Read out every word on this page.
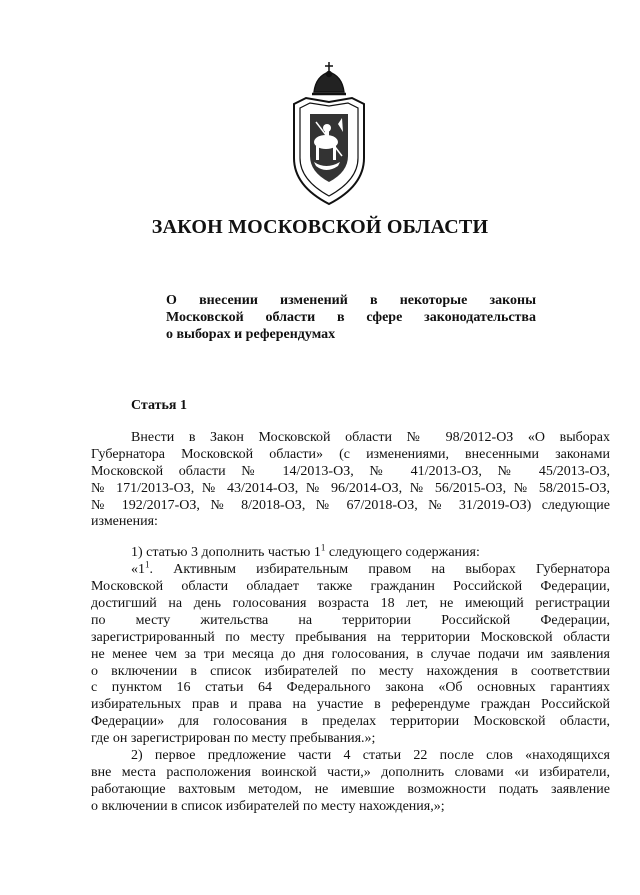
ЗАКОН МОСКОВСКОЙ ОБЛАСТИ
О внесении изменений в некоторые законы
Московской области в сфере законодательства
о выборах и референдумах
Статья 1
Внести в Закон Московской области № 98/2012-ОЗ «О выборах
Губернатора Московской области» (с изменениями, внесенными законами
Московской области № 14/2013-ОЗ, № 41/2013-ОЗ, № 45/2013-ОЗ,
№ 171/2013-ОЗ, № 43/2014-ОЗ, № 96/2014-ОЗ, № 56/2015-ОЗ, № 58/2015-ОЗ,
№ 192/2017-ОЗ, № 8/2018-ОЗ, № 67/2018-ОЗ, № 31/2019-ОЗ) следующие
изменения:
1) статью 3 дополнить частью $1^1$ следующего содержания:
«$1^1$. Активным избирательным правом на выборах Губернатора
Московской области обладает также гражданин Российской Федерации,
достигший на день голосования возраста 18 лет, не имеющий регистрации
по месту жительства на территории Российской Федерации,
зарегистрированный по месту пребывания на территории Московской области
не менее чем за три месяца до дня голосования, в случае подачи им заявления
о включении в список избирателей по месту нахождения в соответствии
с пунктом 16 статьи 64 Федерального закона «Об основных гарантиях
избирательных прав и права на участие в референдуме граждан Российской
Федерации» для голосования в пределах территории Московской области,
где он зарегистрирован по месту пребывания.»;
2) первое предложение части 4 статьи 22 после слов «находящихся
вне места расположения воинской части,» дополнить словами «и избиратели,
работающие вахтовым методом, не имевшие возможности подать заявление
о включении в список избирателей по месту нахождения,»;
